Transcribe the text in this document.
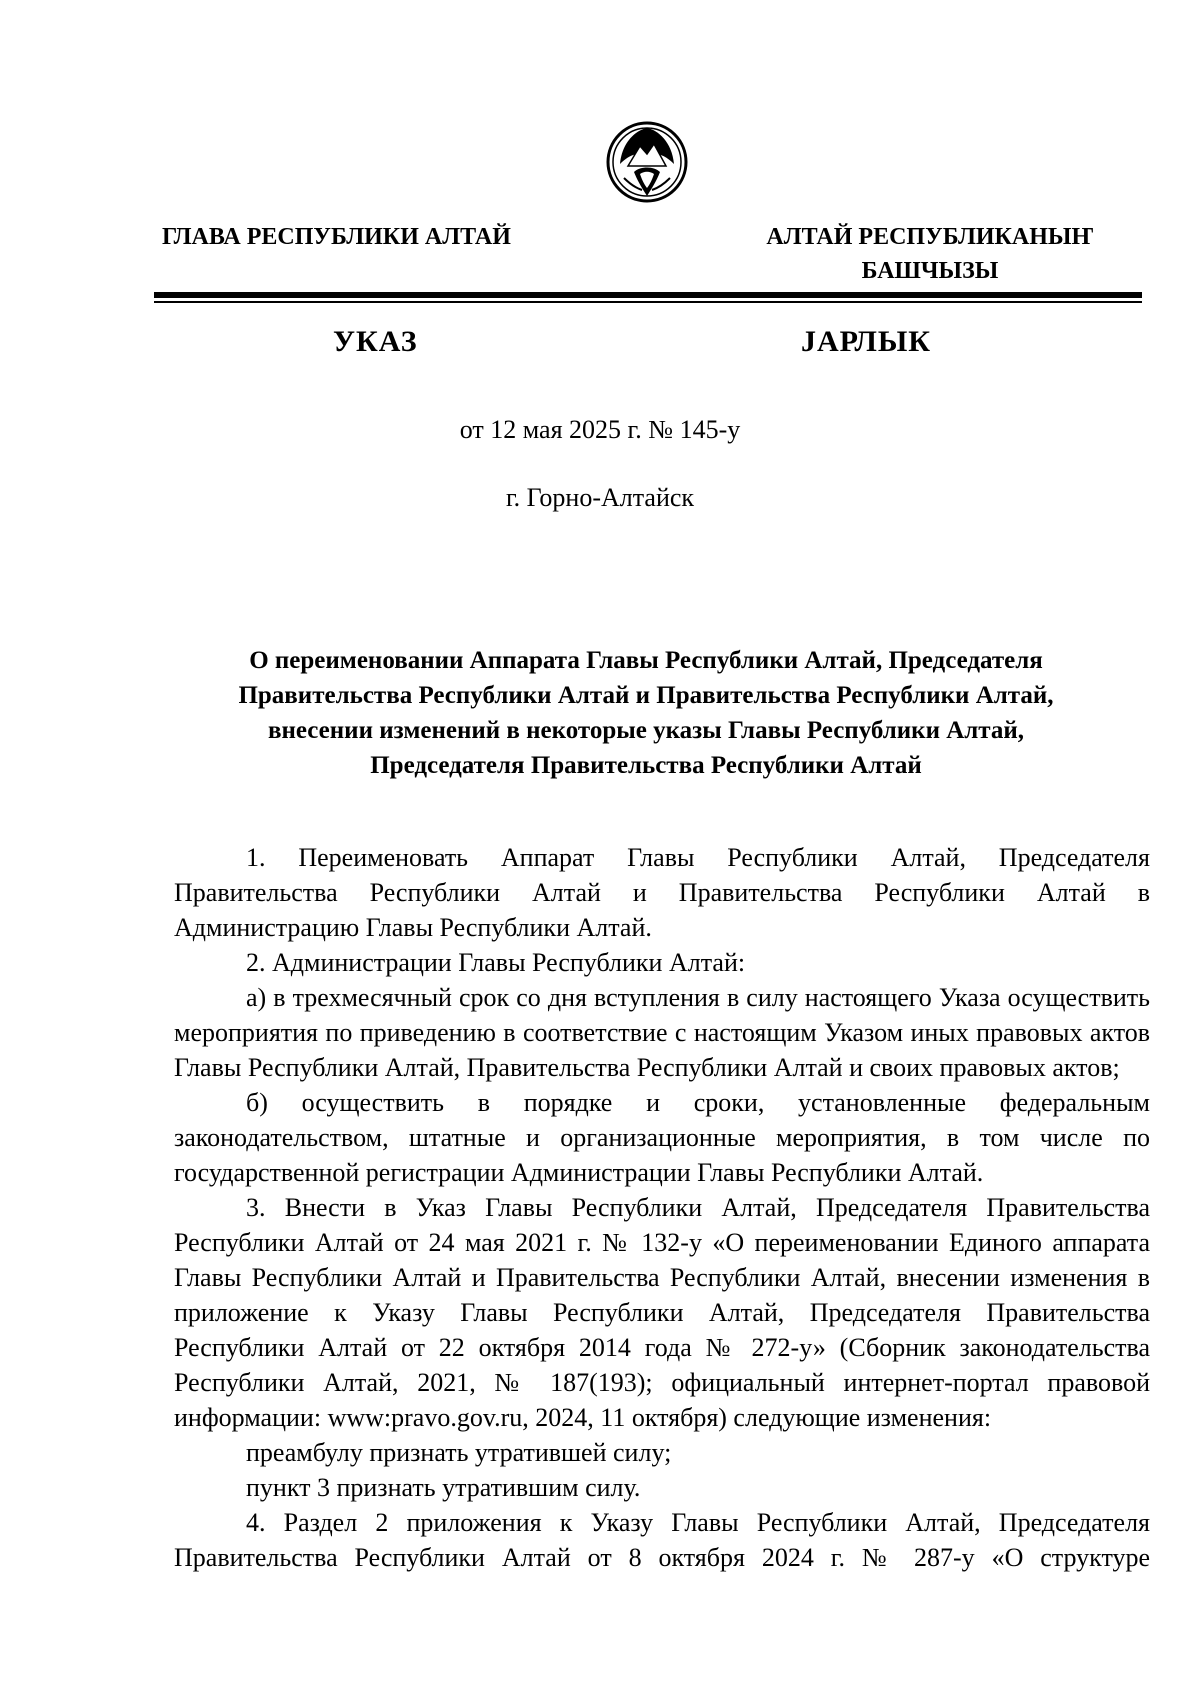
ГЛАВА РЕСПУБЛИКИ АЛТАЙ	АЛТАЙ РЕСПУБЛИКАНЫҤ
БАШЧЫЗЫ
УКАЗ	ЈАРЛЫК
от 12 мая 2025 г. № 145-у
г. Горно-Алтайск
О переименовании Аппарата Главы Республики Алтай, Председателя
Правительства Республики Алтай и Правительства Республики Алтай,
внесении изменений в некоторые указы Главы Республики Алтай,
Председателя Правительства Республики Алтай

1. Переименовать Аппарат Главы Республики Алтай, Председателя Правительства Республики Алтай и Правительства Республики Алтай в Администрацию Главы Республики Алтай.

2. Администрации Главы Республики Алтай:

а) в трехмесячный срок со дня вступления в силу настоящего Указа осуществить мероприятия по приведению в соответствие с настоящим Указом иных правовых актов Главы Республики Алтай, Правительства Республики Алтай и своих правовых актов;

б) осуществить в порядке и сроки, установленные федеральным законодательством, штатные и организационные мероприятия, в том числе по государственной регистрации Администрации Главы Республики Алтай.

3. Внести в Указ Главы Республики Алтай, Председателя Правительства Республики Алтай от 24 мая 2021 г. № 132-у «О переименовании Единого аппарата Главы Республики Алтай и Правительства Республики Алтай, внесении изменения в приложение к Указу Главы Республики Алтай, Председателя Правительства Республики Алтай от 22 октября 2014 года № 272-у» (Сборник законодательства Республики Алтай, 2021, № 187(193); официальный интернет-портал правовой информации: www:pravo.gov.ru, 2024, 11 октября) следующие изменения:

преамбулу признать утратившей силу;

пункт 3 признать утратившим силу.

4. Раздел 2 приложения к Указу Главы Республики Алтай, Председателя Правительства Республики Алтай от 8 октября 2024 г. № 287-у «О структуре
